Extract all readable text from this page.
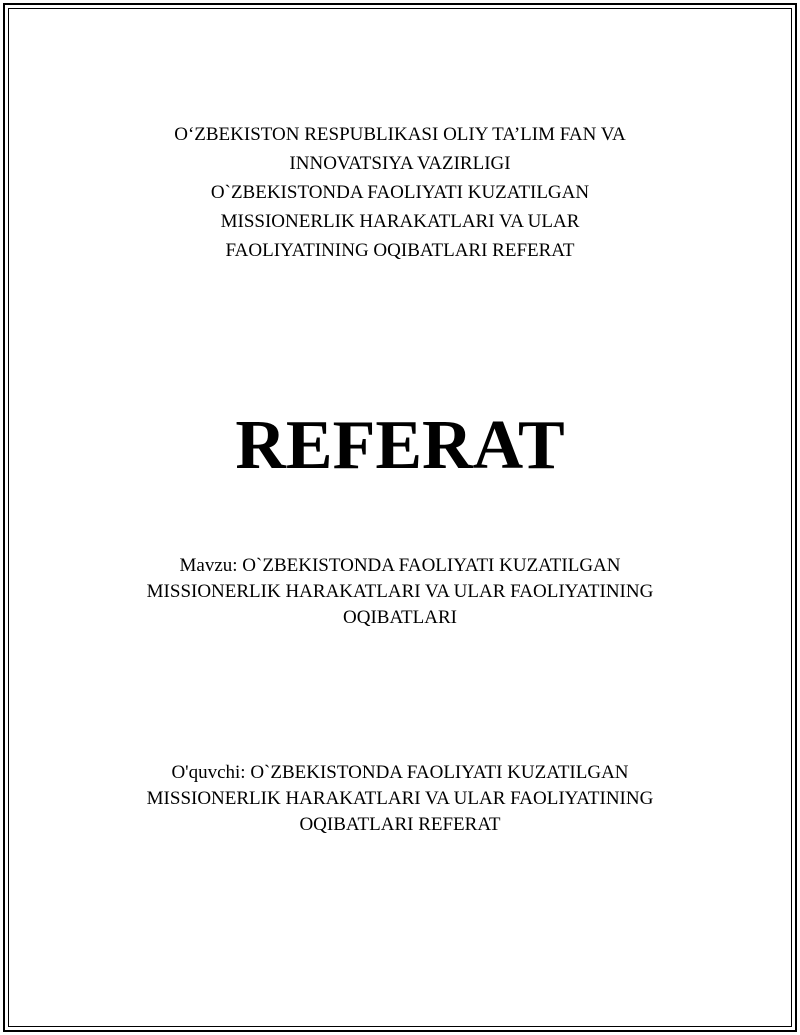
O‘ZBEKISTON RESPUBLIKASI OLIY TA’LIM FAN VA
INNOVATSIYA VAZIRLIGI
O`ZBEKISTONDA FAOLIYATI KUZATILGAN
MISSIONERLIK HARAKATLARI VA ULAR
FAOLIYATINING OQIBATLARI REFERAT
REFERAT
Mavzu: O`ZBEKISTONDA FAOLIYATI KUZATILGAN
MISSIONERLIK HARAKATLARI VA ULAR FAOLIYATINING
OQIBATLARI
O'quvchi: O`ZBEKISTONDA FAOLIYATI KUZATILGAN
MISSIONERLIK HARAKATLARI VA ULAR FAOLIYATINING
OQIBATLARI REFERAT
